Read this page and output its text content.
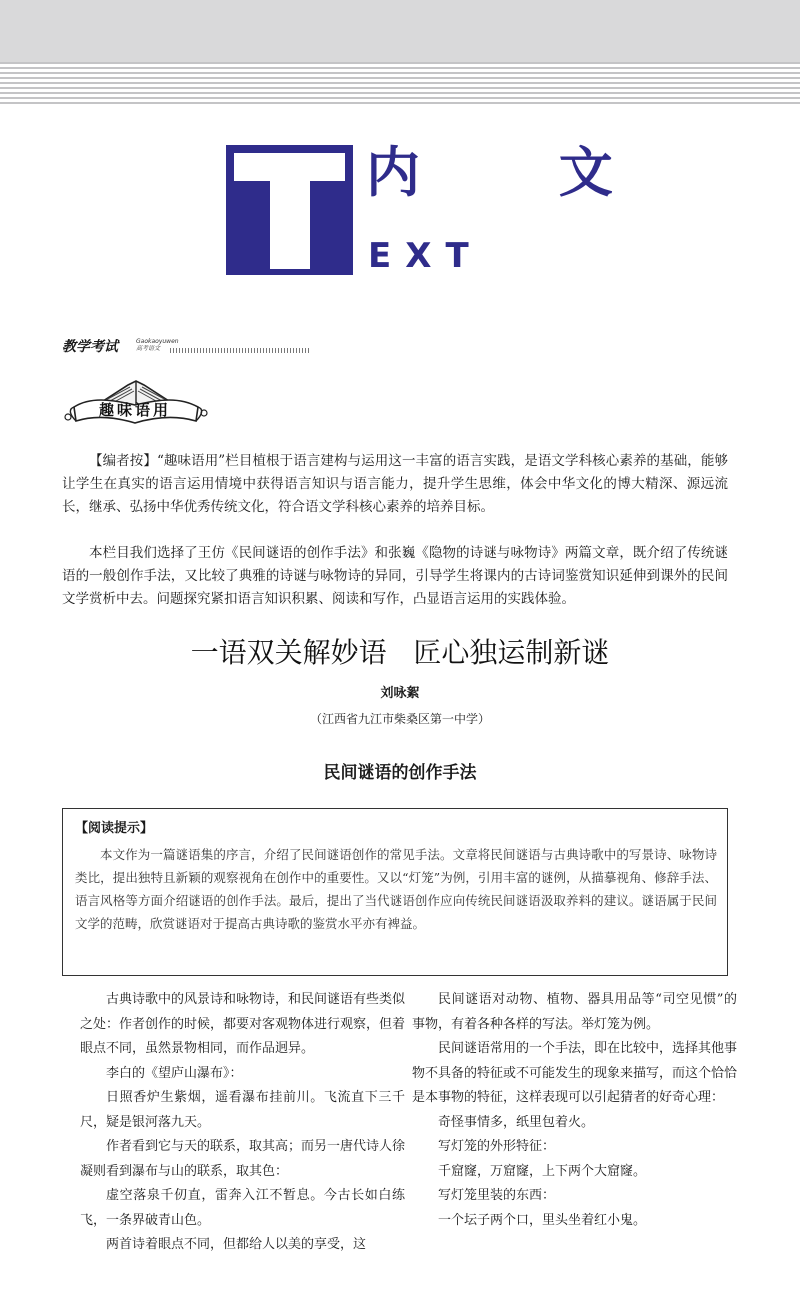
内 文
EXT
教学考试	Gaokaoyuwen 高考语文
趣味语用
【编者按】“趣味语用”栏目植根于语言建构与运用这一丰富的语言实践，是语文学科核心素养的基础，能够让学生在真实的语言运用情境中获得语言知识与语言能力，提升学生思维，体会中华文化的博大精深、源远流长，继承、弘扬中华优秀传统文化，符合语文学科核心素养的培养目标。
本栏目我们选择了王仿《民间谜语的创作手法》和张巍《隐物的诗谜与咏物诗》两篇文章，既介绍了传统谜语的一般创作手法，又比较了典雅的诗谜与咏物诗的异同，引导学生将课内的古诗词鉴赏知识延伸到课外的民间文学赏析中去。问题探究紧扣语言知识积累、阅读和写作，凸显语言运用的实践体验。
一语双关解妙语   匠心独运制新谜
刘咏絮
（江西省九江市柴桑区第一中学）
民间谜语的创作手法
【阅读提示】
本文作为一篇谜语集的序言，介绍了民间谜语创作的常见手法。文章将民间谜语与古典诗歌中的写景诗、咏物诗类比，提出独特且新颖的观察视角在创作中的重要性。又以“灯笼”为例，引用丰富的谜例，从描摹视角、修辞手法、语言风格等方面介绍谜语的创作手法。最后，提出了当代谜语创作应向传统民间谜语汲取养料的建议。谜语属于民间文学的范畴，欣赏谜语对于提高古典诗歌的鉴赏水平亦有裨益。

古典诗歌中的风景诗和咏物诗，和民间谜语有些类似之处：作者创作的时候，都要对客观物体进行观察，但着眼点不同，虽然景物相同，而作品迥异。

李白的《望庐山瀑布》：

日照香炉生紫烟，遥看瀑布挂前川。飞流直下三千尺，疑是银河落九天。

作者看到它与天的联系，取其高；而另一唐代诗人徐凝则看到瀑布与山的联系，取其色：

虚空落泉千仞直，雷奔入江不暂息。今古长如白练飞，一条界破青山色。

两首诗着眼点不同，但都给人以美的享受，这

民间谜语对动物、植物、器具用品等“司空见惯”的事物，有着各种各样的写法。举灯笼为例。

民间谜语常用的一个手法，即在比较中，选择其他事物不具备的特征或不可能发生的现象来描写，而这个恰恰是本事物的特征，这样表现可以引起猜者的好奇心理：

奇怪事情多，纸里包着火。

写灯笼的外形特征：

千窟窿，万窟窿，上下两个大窟窿。

写灯笼里装的东西：

一个坛子两个口，里头坐着红小鬼。
